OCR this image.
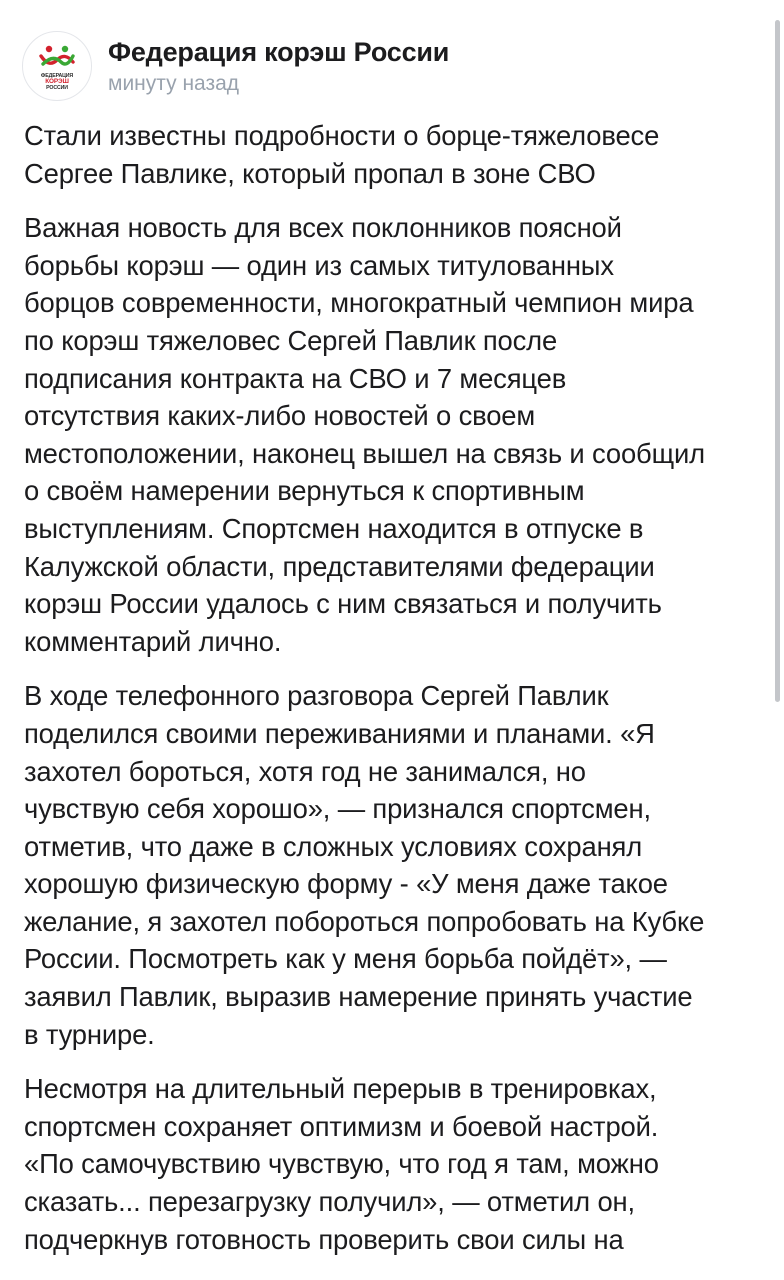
ФЕДЕРАЦИЯ
КОРЭШ
РОССИИ
Федерация корэш России
минуту назад

Стали известны подробности о борце-тяжеловесе
Сергее Павлике, который пропал в зоне СВО

Важная новость для всех поклонников поясной
борьбы корэш — один из самых титулованных
борцов современности, многократный чемпион мира
по корэш тяжеловес Сергей Павлик после
подписания контракта на СВО и 7 месяцев
отсутствия каких-либо новостей о своем
местоположении, наконец вышел на связь и сообщил
о своём намерении вернуться к спортивным
выступлениям. Спортсмен находится в отпуске в
Калужской области, представителями федерации
корэш России удалось с ним связаться и получить
комментарий лично.

В ходе телефонного разговора Сергей Павлик
поделился своими переживаниями и планами. «Я
захотел бороться, хотя год не занимался, но
чувствую себя хорошо», — признался спортсмен,
отметив, что даже в сложных условиях сохранял
хорошую физическую форму - «У меня даже такое
желание, я захотел побороться попробовать на Кубке
России. Посмотреть как у меня борьба пойдёт», —
заявил Павлик, выразив намерение принять участие
в турнире.

Несмотря на длительный перерыв в тренировках,
спортсмен сохраняет оптимизм и боевой настрой.
«По самочувствию чувствую, что год я там, можно
сказать... перезагрузку получил», — отметил он,
подчеркнув готовность проверить свои силы на
